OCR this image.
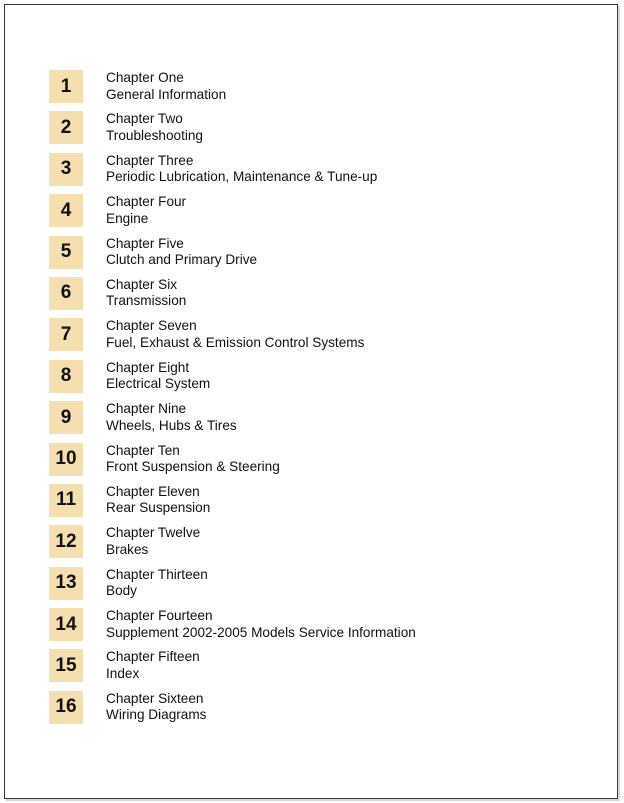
1	Chapter One
General Information
2	Chapter Two
Troubleshooting
3	Chapter Three
Periodic Lubrication, Maintenance & Tune-up
4	Chapter Four
Engine
5	Chapter Five
Clutch and Primary Drive
6	Chapter Six
Transmission
7	Chapter Seven
Fuel, Exhaust & Emission Control Systems
8	Chapter Eight
Electrical System
9	Chapter Nine
Wheels, Hubs & Tires
10	Chapter Ten
Front Suspension & Steering
11	Chapter Eleven
Rear Suspension
12	Chapter Twelve
Brakes
13	Chapter Thirteen
Body
14	Chapter Fourteen
Supplement 2002-2005 Models Service Information
15	Chapter Fifteen
Index
16	Chapter Sixteen
Wiring Diagrams
